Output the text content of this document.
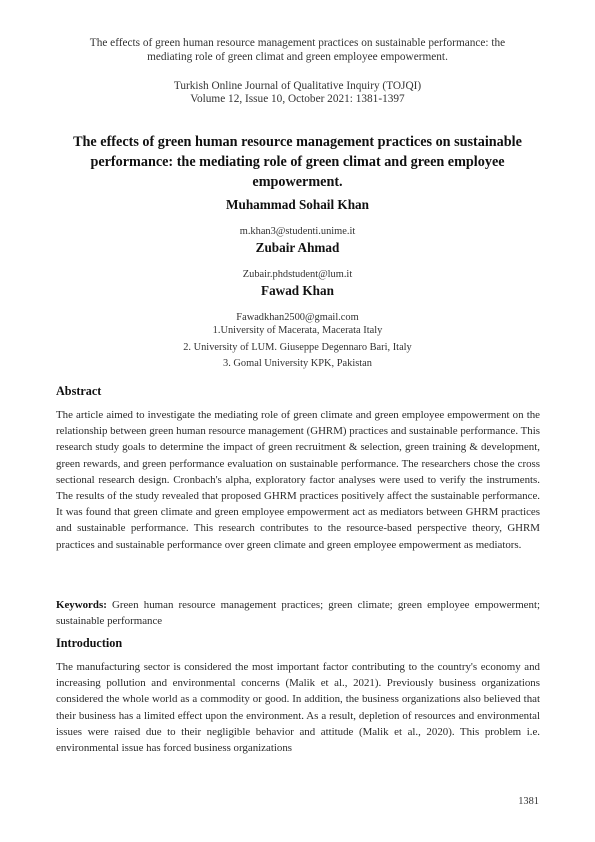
The effects of green human resource management practices on sustainable performance: the
mediating role of green climat and green employee empowerment.
Turkish Online Journal of Qualitative Inquiry (TOJQI)
Volume 12, Issue 10, October 2021: 1381-1397
The effects of green human resource management practices on sustainable
performance: the mediating role of green climat and green employee
empowerment.
Muhammad Sohail Khan
m.khan3@studenti.unime.it
Zubair Ahmad
Zubair.phdstudent@lum.it
Fawad Khan
Fawadkhan2500@gmail.com
1.University of Macerata, Macerata Italy
2. University of LUM. Giuseppe Degennaro Bari, Italy
3. Gomal University KPK, Pakistan
Abstract
The article aimed to investigate the mediating role of green climate and green employee empowerment on the relationship between green human resource management (GHRM) practices and sustainable performance. This research study goals to determine the impact of green recruitment & selection, green training & development, green rewards, and green performance evaluation on sustainable performance. The researchers chose the cross sectional research design. Cronbach's alpha, exploratory factor analyses were used to verify the instruments. The results of the study revealed that proposed GHRM practices positively affect the sustainable performance. It was found that green climate and green employee empowerment act as mediators between GHRM practices and sustainable performance. This research contributes to the resource-based perspective theory, GHRM practices and sustainable performance over green climate and green employee empowerment as mediators.
Keywords: Green human resource management practices; green climate; green employee empowerment; sustainable performance
Introduction
The manufacturing sector is considered the most important factor contributing to the country's economy and increasing pollution and environmental concerns (Malik et al., 2021). Previously business organizations considered the whole world as a commodity or good. In addition, the business organizations also believed that their business has a limited effect upon the environment. As a result, depletion of resources and environmental issues were raised due to their negligible behavior and attitude (Malik et al., 2020). This problem i.e. environmental issue has forced business organizations
1381
